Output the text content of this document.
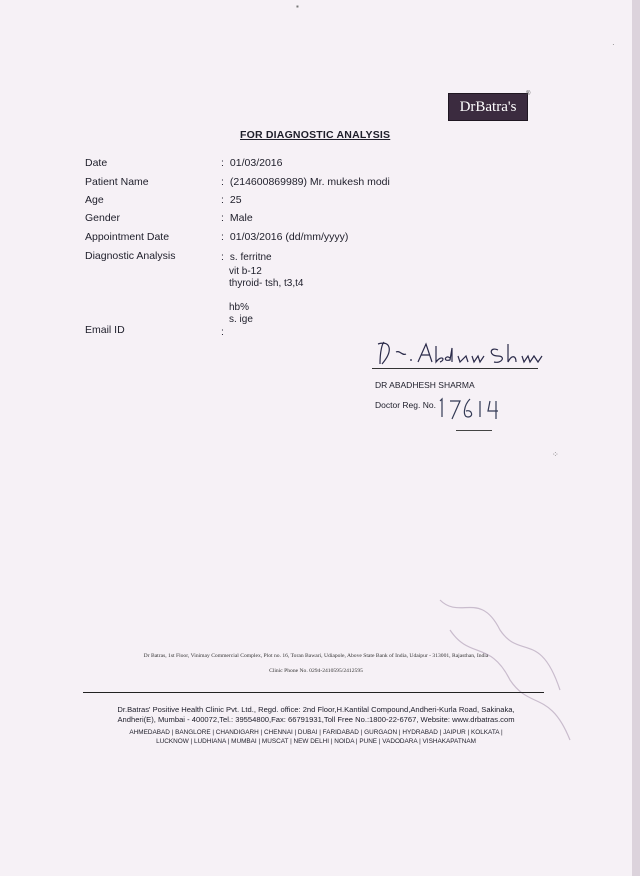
▪
·
⁘
DrBatra's
®
FOR DIAGNOSTIC ANALYSIS
Date	: 01/03/2016
Patient Name	: (214600869989) Mr. mukesh modi
Age	: 25
Gender	: Male
Appointment Date	: 01/03/2016 (dd/mm/yyyy)
Diagnostic Analysis	: s. ferritne
vit b-12
thyroid- tsh, t3,t4
hb%
s. ige
Email ID	:
DR ABADHESH SHARMA
Doctor Reg. No.
Dr Batras, 1st Floor, Vinimay Commercial Complex, Plot no. 16, Toran Bawari, Udiapole, Above State Bank of India, Udaipur - 313001, Rajasthan, India
Clinic Phone No. 0294-2410595/2412595
Dr.Batras' Positive Health Clinic Pvt. Ltd., Regd. office: 2nd Floor,H.Kantilal Compound,Andheri-Kurla Road, Sakinaka,
Andheri(E), Mumbai - 400072,Tel.: 39554800,Fax: 66791931,Toll Free No.:1800-22-6767, Website: www.drbatras.com
AHMEDABAD | BANGLORE | CHANDIGARH | CHENNAI | DUBAI | FARIDABAD | GURGAON | HYDRABAD | JAIPUR | KOLKATA |
LUCKNOW | LUDHIANA | MUMBAI | MUSCAT | NEW DELHI | NOIDA | PUNE | VADODARA | VISHAKAPATNAM
